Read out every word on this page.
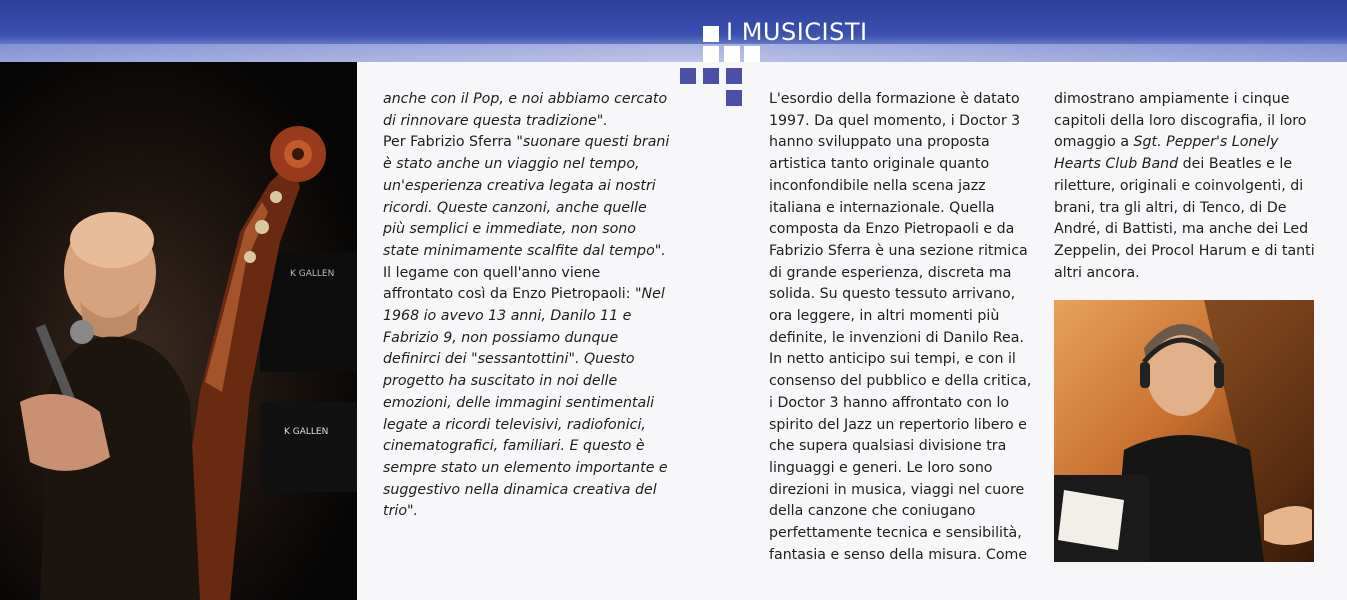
I MUSICISTI
K GALLEN
K GALLEN

anche con il Pop, e noi abbiamo cercato di rinnovare questa tradizione".

Per Fabrizio Sferra "suonare questi brani è stato anche un viaggio nel tempo, un'esperienza creativa legata ai nostri ricordi. Queste canzoni, anche quelle più semplici e immediate, non sono state minimamente scalfite dal tempo".

Il legame con quell'anno viene affrontato così da Enzo Pietropaoli: "Nel 1968 io avevo 13 anni, Danilo 11 e Fabrizio 9, non possiamo dunque definirci dei "sessantottini". Questo progetto ha suscitato in noi delle emozioni, delle immagini sentimentali legate a ricordi televisivi, radiofonici, cinematografici, familiari. E questo è sempre stato un elemento importante e suggestivo nella dinamica creativa del trio".

L'esordio della formazione è datato 1997. Da quel momento, i Doctor 3 hanno sviluppato una proposta artistica tanto originale quanto inconfondibile nella scena jazz italiana e internazionale. Quella composta da Enzo Pietropaoli e da Fabrizio Sferra è una sezione ritmica di grande esperienza, discreta ma solida. Su questo tessuto arrivano, ora leggere, in altri momenti più definite, le invenzioni di Danilo Rea.

In netto anticipo sui tempi, e con il consenso del pubblico e della critica, i Doctor 3 hanno affrontato con lo spirito del Jazz un repertorio libero e che supera qualsiasi divisione tra linguaggi e generi. Le loro sono direzioni in musica, viaggi nel cuore della canzone che coniugano perfettamente tecnica e sensibilità, fantasia e senso della misura. Come

dimostrano ampiamente i cinque capitoli della loro discografia, il loro omaggio a Sgt. Pepper's Lonely Hearts Club Band dei Beatles e le riletture, originali e coinvolgenti, di brani, tra gli altri, di Tenco, di De André, di Battisti, ma anche dei Led Zeppelin, dei Procol Harum e di tanti altri ancora.
